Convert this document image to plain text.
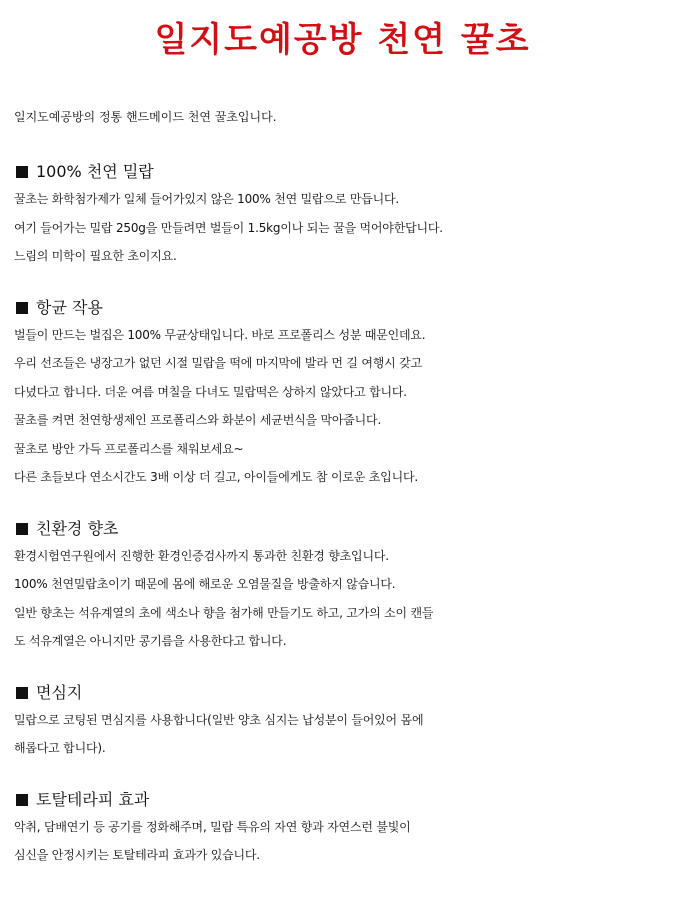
일지도예공방 천연 꿀초

일지도예공방의 정통 핸드메이드 천연 꿀초입니다.

100% 천연 밀랍

꿀초는 화학첨가제가 일체 들어가있지 않은 100% 천연 밀랍으로 만듭니다.

여기 들어가는 밀랍 250g을 만들려면 벌들이 1.5kg이나 되는 꿀을 먹어야한답니다.

느림의 미학이 필요한 초이지요.

항균 작용

벌들이 만드는 벌집은 100% 무균상태입니다. 바로 프로폴리스 성분 때문인데요.

우리 선조들은 냉장고가 없던 시절 밀랍을 떡에 마지막에 발라 먼 길 여행시 갖고

다녔다고 합니다. 더운 여름 며칠을 다녀도 밀랍떡은 상하지 않았다고 합니다.

꿀초를 켜면 천연항생제인 프로폴리스와 화분이 세균번식을 막아줍니다.

꿀초로 방안 가득 프로폴리스를 채워보세요~

다른 초들보다 연소시간도 3배 이상 더 길고, 아이들에게도 참 이로운 초입니다.

친환경 향초

환경시험연구원에서 진행한 환경인증검사까지 통과한 친환경 향초입니다.

100% 천연밀랍초이기 때문에 몸에 해로운 오염물질을 방출하지 않습니다.

일반 향초는 석유계열의 초에 색소나 향을 첨가해 만들기도 하고, 고가의 소이 캔들

도 석유계열은 아니지만 콩기름을 사용한다고 합니다.

면심지

밀랍으로 코팅된 면심지를 사용합니다(일반 양초 심지는 납성분이 들어있어 몸에

해롭다고 합니다).

토탈테라피 효과

악취, 담배연기 등 공기를 정화해주며, 밀랍 특유의 자연 향과 자연스런 불빛이

심신을 안정시키는 토탈테라피 효과가 있습니다.
